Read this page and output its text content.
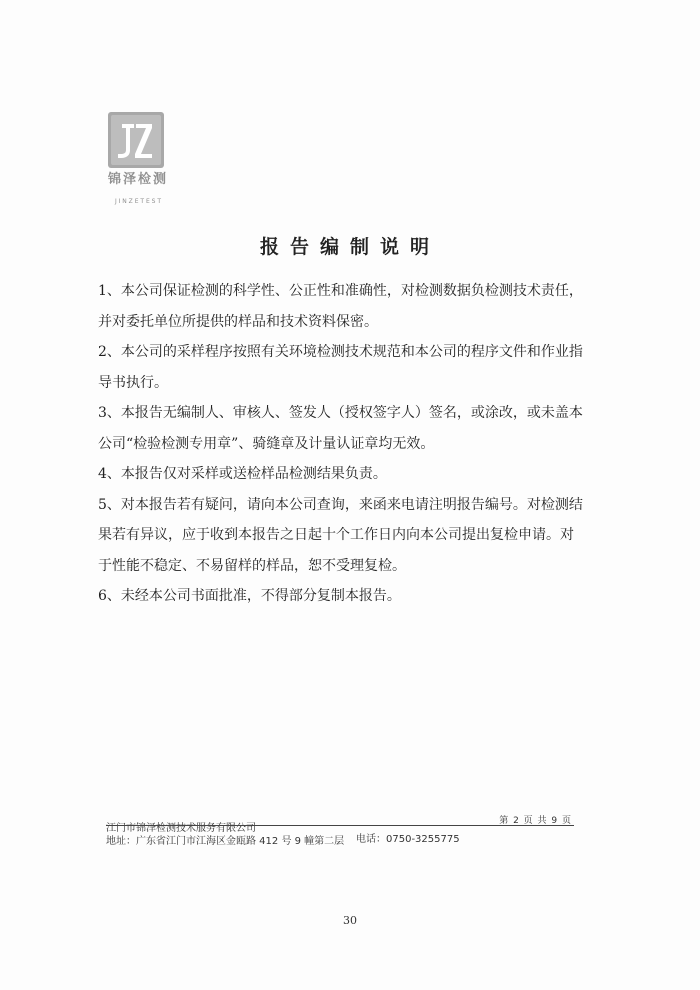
锦泽检测
J I N Z E T E S T
报告编制说明

1、本公司保证检测的科学性、公正性和准确性，对检测数据负检测技术责任，并对委托单位所提供的样品和技术资料保密。

2、本公司的采样程序按照有关环境检测技术规范和本公司的程序文件和作业指导书执行。

3、本报告无编制人、审核人、签发人（授权签字人）签名，或涂改，或未盖本公司“检验检测专用章”、骑缝章及计量认证章均无效。

4、本报告仅对采样或送检样品检测结果负责。

5、对本报告若有疑问，请向本公司查询，来函来电请注明报告编号。对检测结果若有异议，应于收到本报告之日起十个工作日内向本公司提出复检申请。对于性能不稳定、不易留样的样品，恕不受理复检。

6、未经本公司书面批准，不得部分复制本报告。

第 2 页 共 9 页
江门市锦泽检测技术服务有限公司
地址：广东省江门市江海区金瓯路 412 号 9 幢第二层 电话：0750-3255775
30
